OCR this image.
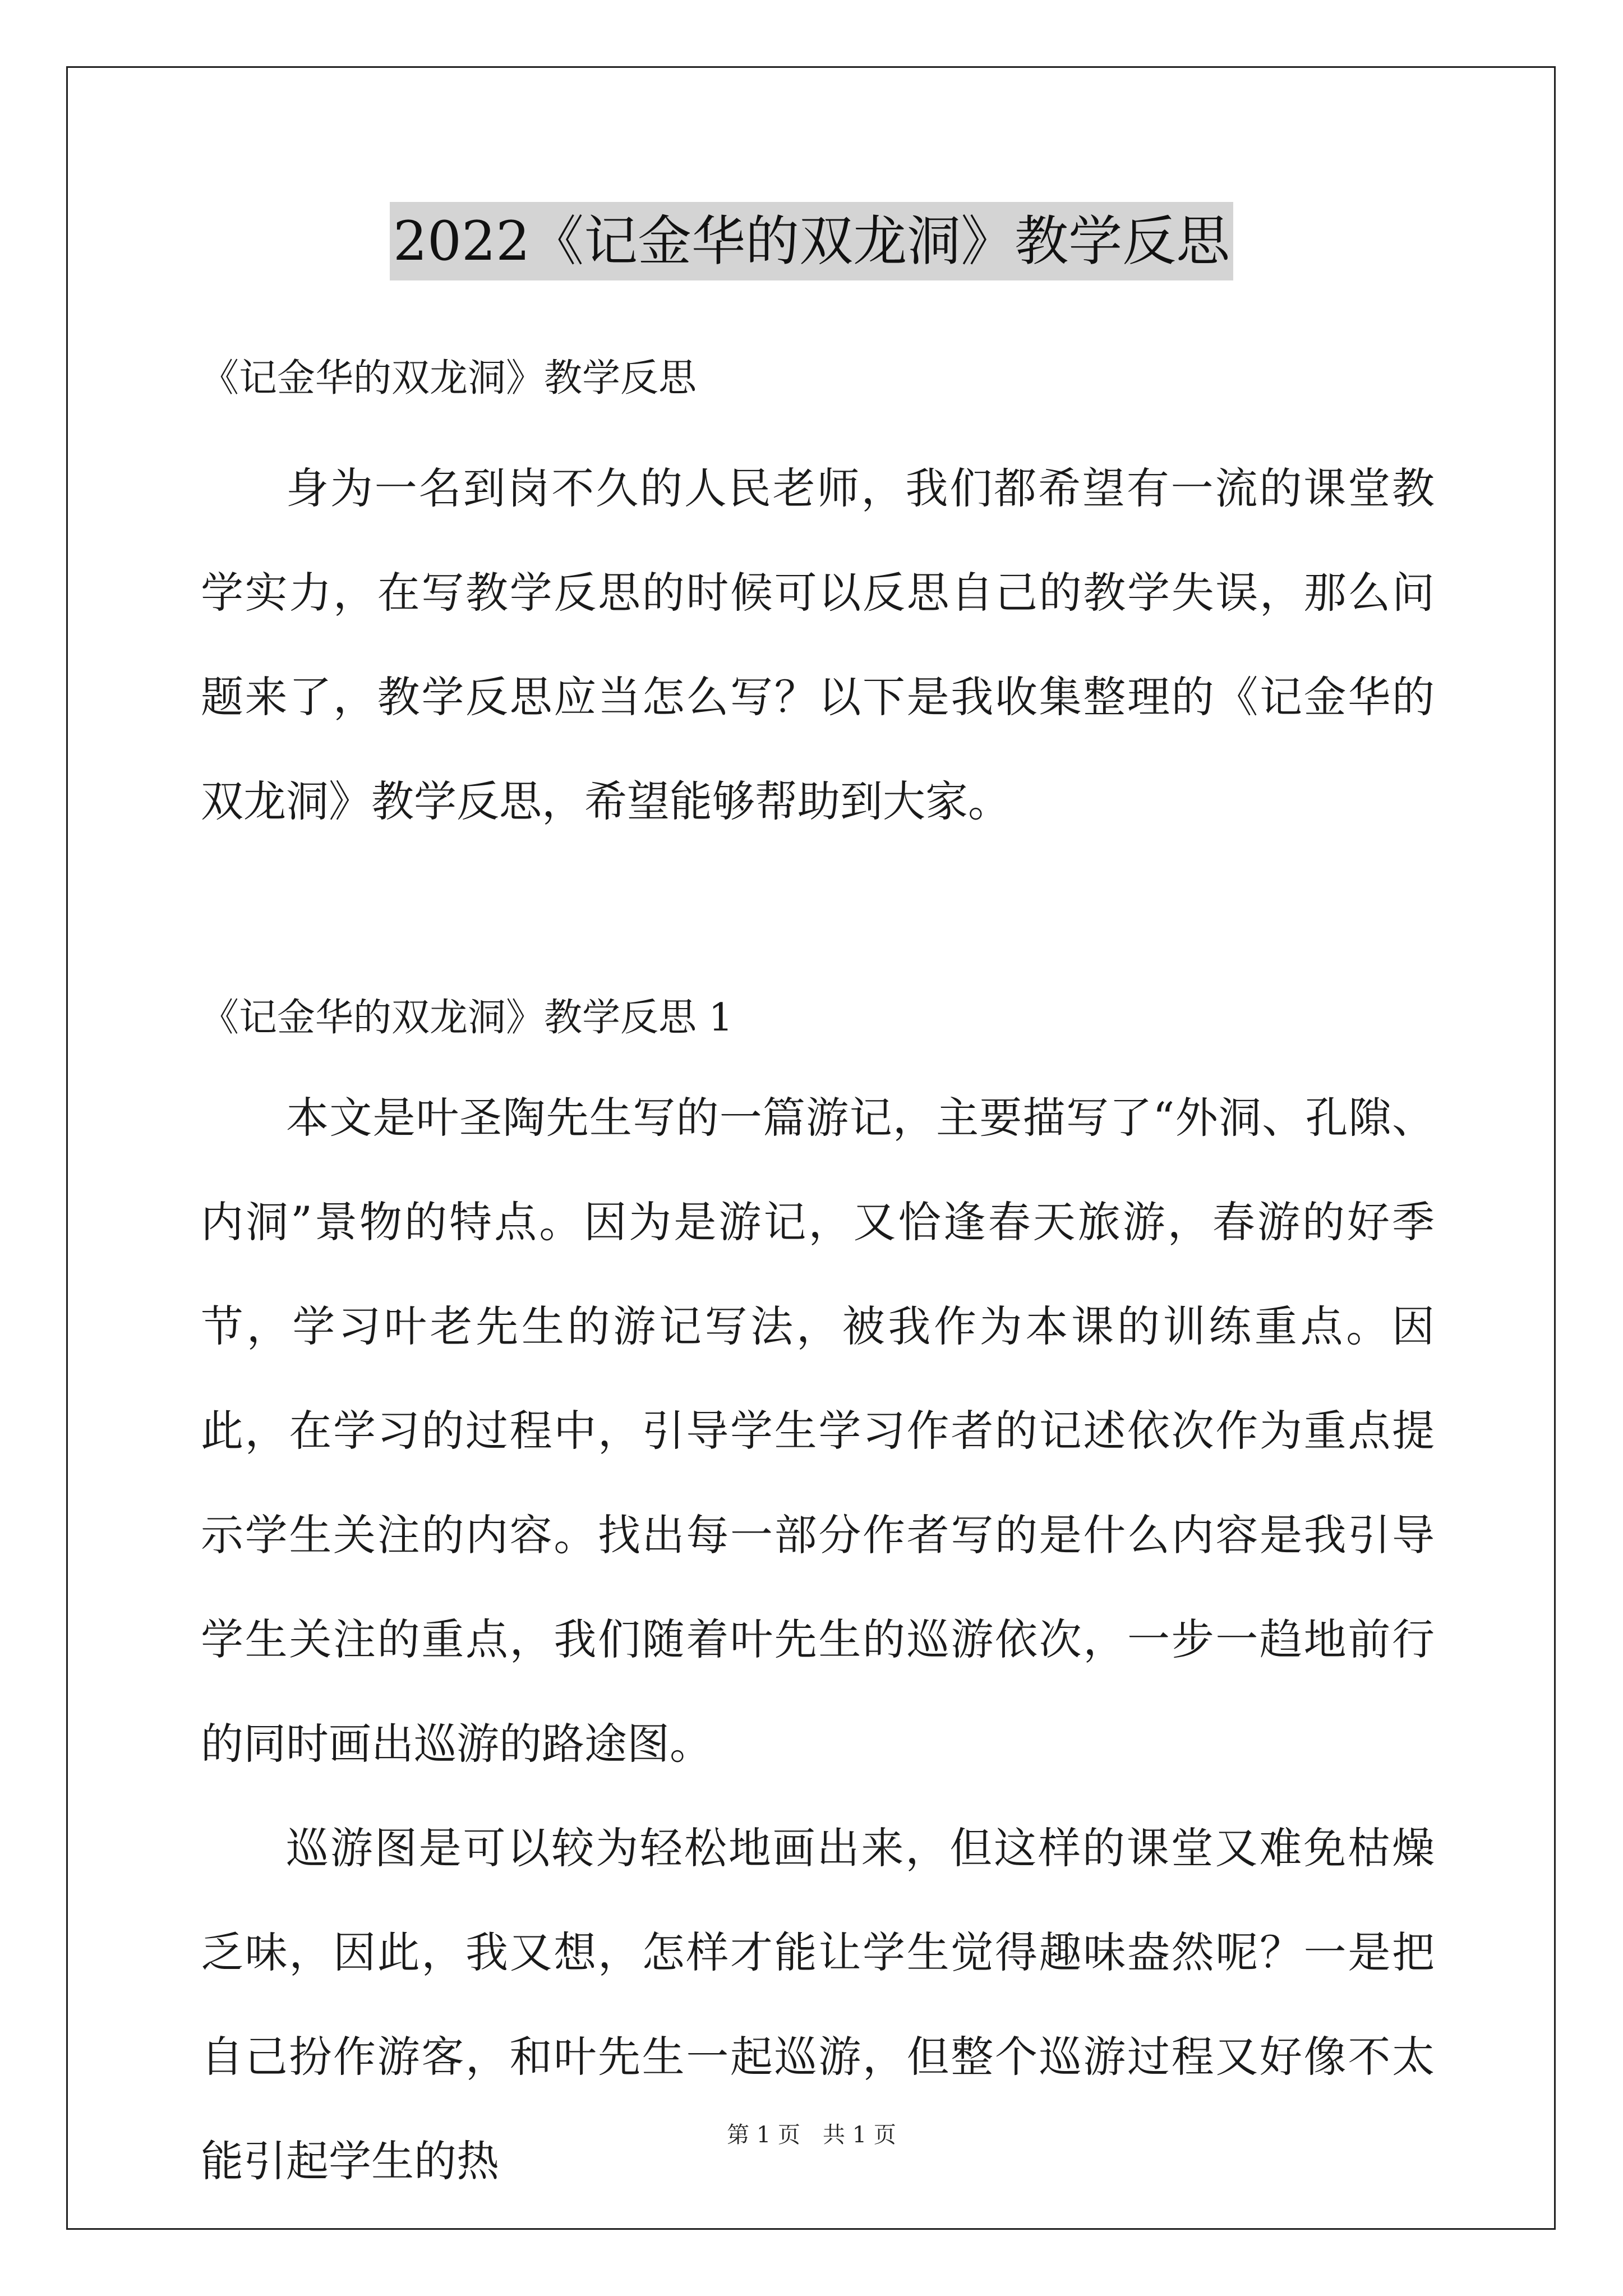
2022《记金华的双龙洞》教学反思

《记金华的双龙洞》教学反思

身为一名到岗不久的人民老师，我们都希望有一流的课堂教学实力，在写教学反思的时候可以反思自己的教学失误，那么问题来了，教学反思应当怎么写？以下是我收集整理的《记金华的双龙洞》教学反思，希望能够帮助到大家。

《记金华的双龙洞》教学反思 1

本文是叶圣陶先生写的一篇游记，主要描写了“外洞、孔隙、内洞”景物的特点。因为是游记，又恰逢春天旅游，春游的好季节，学习叶老先生的游记写法，被我作为本课的训练重点。因此，在学习的过程中，引导学生学习作者的记述依次作为重点提示学生关注的内容。找出每一部分作者写的是什么内容是我引导学生关注的重点，我们随着叶先生的巡游依次，一步一趋地前行的同时画出巡游的路途图。

巡游图是可以较为轻松地画出来，但这样的课堂又难免枯燥乏味，因此，我又想，怎样才能让学生觉得趣味盎然呢？一是把自己扮作游客，和叶先生一起巡游，但整个巡游过程又好像不太能引起学生的热

第 1 页　共 1 页
